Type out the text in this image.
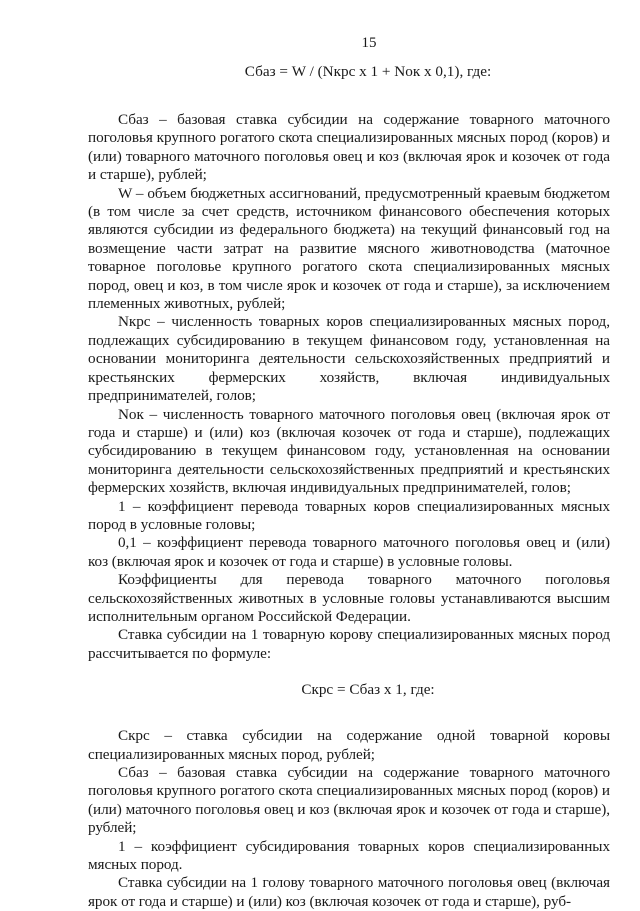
15
Сбаз = W / (Nкрс x 1 + Nок x 0,1), где:

Сбаз – базовая ставка субсидии на содержание товарного маточного поголовья крупного рогатого скота специализированных мясных пород (коров) и (или) товарного маточного поголовья овец и коз (включая ярок и козочек от года и старше), рублей;

W – объем бюджетных ассигнований, предусмотренный краевым бюджетом (в том числе за счет средств, источником финансового обеспечения которых являются субсидии из федерального бюджета) на текущий финансовый год на возмещение части затрат на развитие мясного животноводства (маточное товарное поголовье крупного рогатого скота специализированных мясных пород, овец и коз, в том числе ярок и козочек от года и старше), за исключением племенных животных, рублей;

Nкрс – численность товарных коров специализированных мясных пород, подлежащих субсидированию в текущем финансовом году, установленная на основании мониторинга деятельности сельскохозяйственных предприятий и крестьянских фермерских хозяйств, включая индивидуальных предпринимателей, голов;

Nок – численность товарного маточного поголовья овец (включая ярок от года и старше) и (или) коз (включая козочек от года и старше), подлежащих субсидированию в текущем финансовом году, установленная на основании мониторинга деятельности сельскохозяйственных предприятий и крестьянских фермерских хозяйств, включая индивидуальных предпринимателей, голов;

1 – коэффициент перевода товарных коров специализированных мясных пород в условные головы;

0,1 – коэффициент перевода товарного маточного поголовья овец и (или) коз (включая ярок и козочек от года и старше) в условные головы.

Коэффициенты для перевода товарного маточного поголовья сельскохозяйственных животных в условные головы устанавливаются высшим исполнительным органом Российской Федерации.

Ставка субсидии на 1 товарную корову специализированных мясных пород рассчитывается по формуле:

Скрс = Сбаз x 1, где:

Скрс – ставка субсидии на содержание одной товарной коровы специализированных мясных пород, рублей;

Сбаз – базовая ставка субсидии на содержание товарного маточного поголовья крупного рогатого скота специализированных мясных пород (коров) и (или) маточного поголовья овец и коз (включая ярок и козочек от года и старше), рублей;

1 – коэффициент субсидирования товарных коров специализированных мясных пород.

Ставка субсидии на 1 голову товарного маточного поголовья овец (включая ярок от года и старше) и (или) коз (включая козочек от года и старше), руб-
